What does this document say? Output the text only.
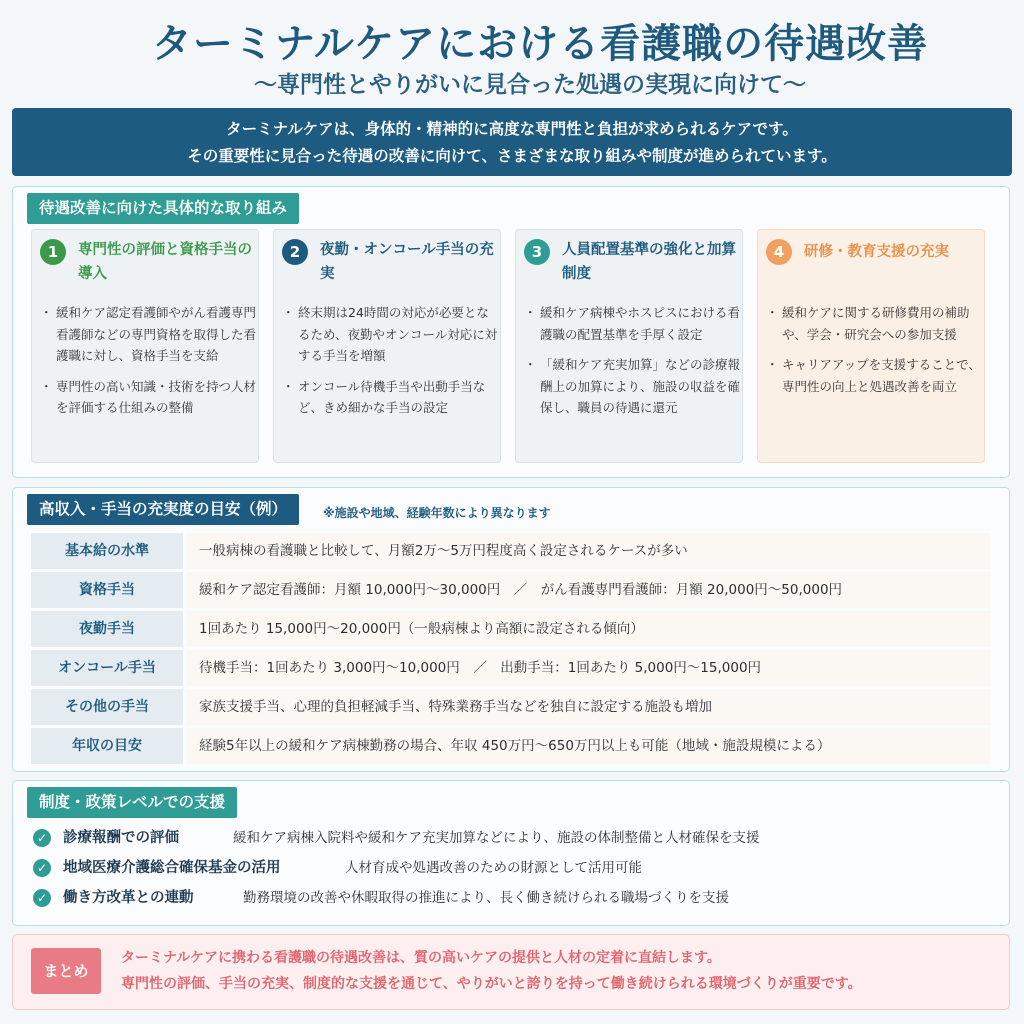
ターミナルケアにおける看護職の待遇改善
〜専門性とやりがいに見合った処遇の実現に向けて〜
ターミナルケアは、身体的・精神的に高度な専門性と負担が求められるケアです。
その重要性に見合った待遇の改善に向けて、さまざまな取り組みや制度が進められています。
待遇改善に向けた具体的な取り組み
1	専門性の評価と資格手当の導入
・ 緩和ケア認定看護師やがん看護専門看護師などの専門資格を取得した看護職に対し、資格手当を支給
・ 専門性の高い知識・技術を持つ人材を評価する仕組みの整備
2	夜勤・オンコール手当の充実
・ 終末期は24時間の対応が必要となるため、夜勤やオンコール対応に対する手当を増額
・ オンコール待機手当や出動手当など、きめ細かな手当の設定
3	人員配置基準の強化と加算制度
・ 緩和ケア病棟やホスピスにおける看護職の配置基準を手厚く設定
・ 「緩和ケア充実加算」などの診療報酬上の加算により、施設の収益を確保し、職員の待遇に還元
4	研修・教育支援の充実
・ 緩和ケアに関する研修費用の補助や、学会・研究会への参加支援
・ キャリアアップを支援することで、専門性の向上と処遇改善を両立
高収入・手当の充実度の目安（例）	※施設や地域、経験年数により異なります
基本給の水準	一般病棟の看護職と比較して、月額2万〜5万円程度高く設定されるケースが多い
資格手当	緩和ケア認定看護師：月額 10,000円〜30,000円　／　がん看護専門看護師：月額 20,000円〜50,000円
夜勤手当	1回あたり 15,000円〜20,000円（一般病棟より高額に設定される傾向）
オンコール手当	待機手当：1回あたり 3,000円〜10,000円　／　出動手当：1回あたり 5,000円〜15,000円
その他の手当	家族支援手当、心理的負担軽減手当、特殊業務手当などを独自に設定する施設も増加
年収の目安	経験5年以上の緩和ケア病棟勤務の場合、年収 450万円〜650万円以上も可能（地域・施設規模による）
制度・政策レベルでの支援
✓ 診療報酬での評価	緩和ケア病棟入院料や緩和ケア充実加算などにより、施設の体制整備と人材確保を支援
✓ 地域医療介護総合確保基金の活用	人材育成や処遇改善のための財源として活用可能
✓ 働き方改革との連動	勤務環境の改善や休暇取得の推進により、長く働き続けられる職場づくりを支援
まとめ
ターミナルケアに携わる看護職の待遇改善は、質の高いケアの提供と人材の定着に直結します。
専門性の評価、手当の充実、制度的な支援を通じて、やりがいと誇りを持って働き続けられる環境づくりが重要です。
